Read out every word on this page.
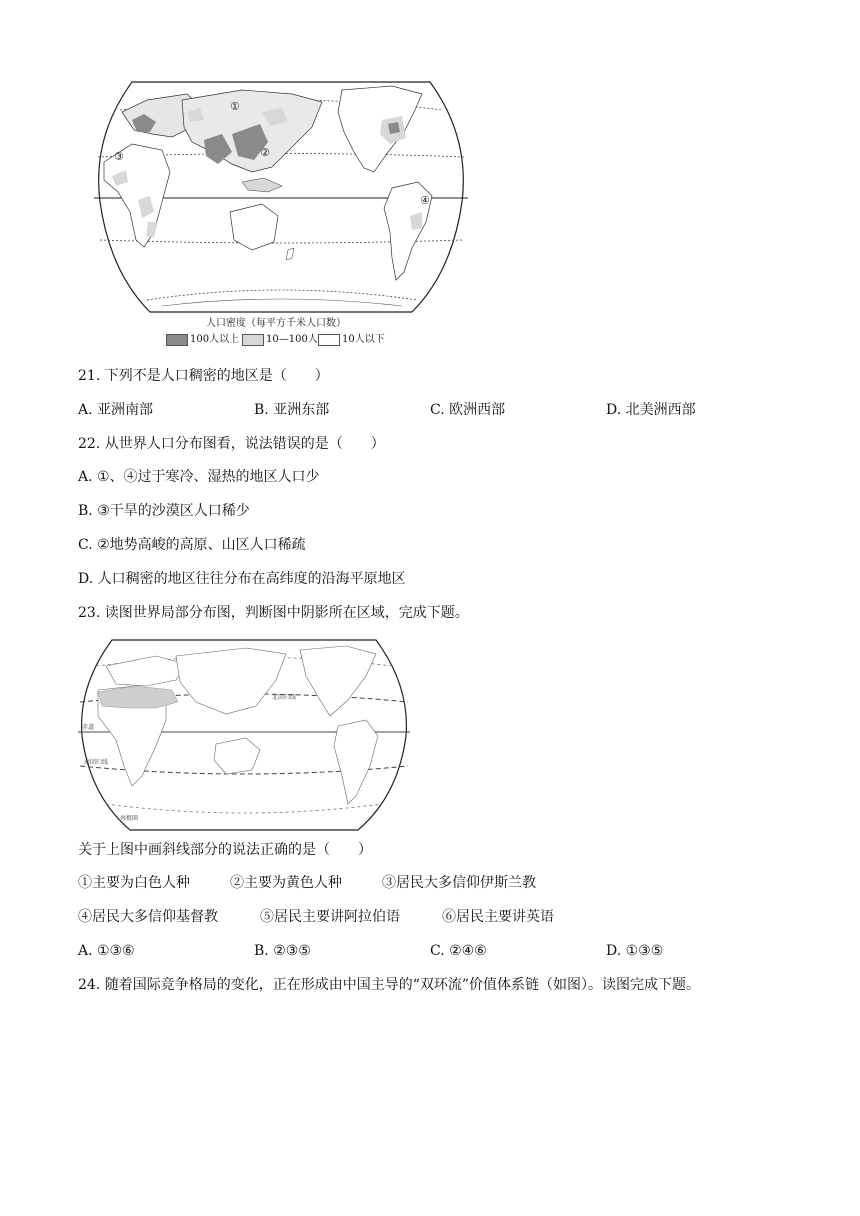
①
②
③
④
人口密度（每平方千米人口数）
100人以上	10—100人 10人以下
21. 下列不是人口稠密的地区是（　　）
A. 亚洲南部	B. 亚洲东部	C. 欧洲西部	D. 北美洲西部
22. 从世界人口分布图看，说法错误的是（　　）
A. ①、④过于寒冷、湿热的地区人口少
B. ③干旱的沙漠区人口稀少
C. ②地势高峻的高原、山区人口稀疏
D. 人口稠密的地区往往分布在高纬度的沿海平原地区
23. 读图世界局部分布图，判断图中阴影所在区域，完成下题。
北回归线
赤道
南回归线
南极圈
关于上图中画斜线部分的说法正确的是（　　）
①主要为白色人种	②主要为黄色人种	③居民大多信仰伊斯兰教
④居民大多信仰基督教	⑤居民主要讲阿拉伯语	⑥居民主要讲英语
A. ①③⑥	B. ②③⑤	C. ②④⑥	D. ①③⑤
24. 随着国际竞争格局的变化，正在形成由中国主导的“双环流”价值体系链（如图）。读图完成下题。
